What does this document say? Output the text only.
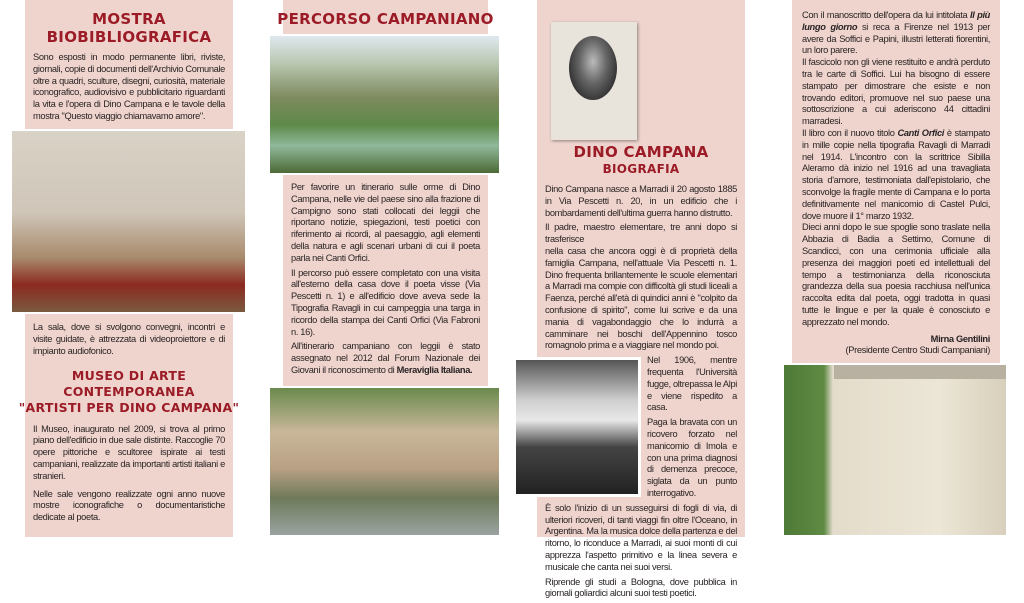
MOSTRA BIOBIBLIOGRAFICA
Sono esposti in modo permanente libri, riviste, giornali, copie di documenti dell'Archivio Comunale oltre a quadri, sculture, disegni, curiosità, materiale iconografico, audiovisivo e pubblicitario riguardanti la vita e l'opera di Dino Campana e le tavole della mostra "Questo viaggio chiamavamo amore".
La sala, dove si svolgono convegni, incontri e visite guidate, è attrezzata di videoproiettore e di impianto audiofonico.
MUSEO DI ARTE CONTEMPORANEA
"ARTISTI PER DINO CAMPANA"

Il Museo, inaugurato nel 2009, si trova al primo piano dell'edificio in due sale distinte. Raccoglie 70 opere pittoriche e scultoree ispirate ai testi campaniani, realizzate da importanti artisti italiani e stranieri.

Nelle sale vengono realizzate ogni anno nuove mostre iconografiche o documentaristiche dedicate al poeta.

PERCORSO CAMPANIANO

Per favorire un itinerario sulle orme di Dino Campana, nelle vie del paese sino alla frazione di Campigno sono stati collocati dei leggii che riportano notizie, spiegazioni, testi poetici con riferimento ai ricordi, al paesaggio, agli elementi della natura e agli scenari urbani di cui il poeta parla nei Canti Orfici.

Il percorso può essere completato con una visita all'esterno della casa dove il poeta visse (Via Pescetti n. 1) e all'edificio dove aveva sede la Tipografia Ravagli in cui campeggia una targa in ricordo della stampa dei Canti Orfici (Via Fabroni n. 16).

All'itinerario campaniano con leggii è stato assegnato nel 2012 dal Forum Nazionale dei Giovani il riconoscimento di Meraviglia Italiana.

DINO CAMPANA
BIOGRAFIA

Dino Campana nasce a Marradi il 20 agosto 1885 in Via Pescetti n. 20, in un edificio che i bombardamenti dell'ultima guerra hanno distrutto.

Il padre, maestro elementare, tre anni dopo si trasferisce

nella casa che ancora oggi è di proprietà della famiglia Campana, nell'attuale Via Pescetti n. 1. Dino frequenta brillantemente le scuole elementari a Marradi ma compie con difficoltà gli studi liceali a Faenza, perché all'età di quindici anni è "colpito da confusione di spirito", come lui scrive e da una mania di vagabondaggio che lo indurrà a camminare nei boschi dell'Appennino tosco romagnolo prima e a viaggiare nel mondo poi.

Nel 1906, mentre frequenta l'Università fugge, oltrepassa le Alpi e viene rispedito a casa.

Paga la bravata con un ricovero forzato nel manicomio di Imola e con una prima diagnosi di demenza precoce, siglata da un punto interrogativo.

È solo l'inizio di un susseguirsi di fogli di via, di ulteriori ricoveri, di tanti viaggi fin oltre l'Oceano, in Argentina. Ma la musica dolce della partenza e del ritorno, lo riconduce a Marradi, ai suoi monti di cui apprezza l'aspetto primitivo e la linea severa e musicale che canta nei suoi versi.

Riprende gli studi a Bologna, dove pubblica in giornali goliardici alcuni suoi testi poetici.

Con il manoscritto dell'opera da lui intitolata Il più lungo giorno si reca a Firenze nel 1913 per avere da Soffici e Papini, illustri letterati fiorentini, un loro parere.

Il fascicolo non gli viene restituito e andrà perduto tra le carte di Soffici. Lui ha bisogno di essere stampato per dimostrare che esiste e non trovando editori, promuove nel suo paese una sottoscrizione a cui aderiscono 44 cittadini marradesi.

Il libro con il nuovo titolo Canti Orfici è stampato in mille copie nella tipografia Ravagli di Marradi nel 1914. L'incontro con la scrittrice Sibilla Aleramo dà inizio nel 1916 ad una travagliata storia d'amore, testimoniata dall'epistolario, che sconvolge la fragile mente di Campana e lo porta definitivamente nel manicomio di Castel Pulci, dove muore il 1° marzo 1932.

Dieci anni dopo le sue spoglie sono traslate nella Abbazia di Badia a Settimo, Comune di Scandicci, con una cerimonia ufficiale alla presenza dei maggiori poeti ed intellettuali del tempo a testimonianza della riconosciuta grandezza della sua poesia racchiusa nell'unica raccolta edita dal poeta, oggi tradotta in quasi tutte le lingue e per la quale è conosciuto e apprezzato nel mondo.

Mirna Gentilini
(Presidente Centro Studi Campaniani)
